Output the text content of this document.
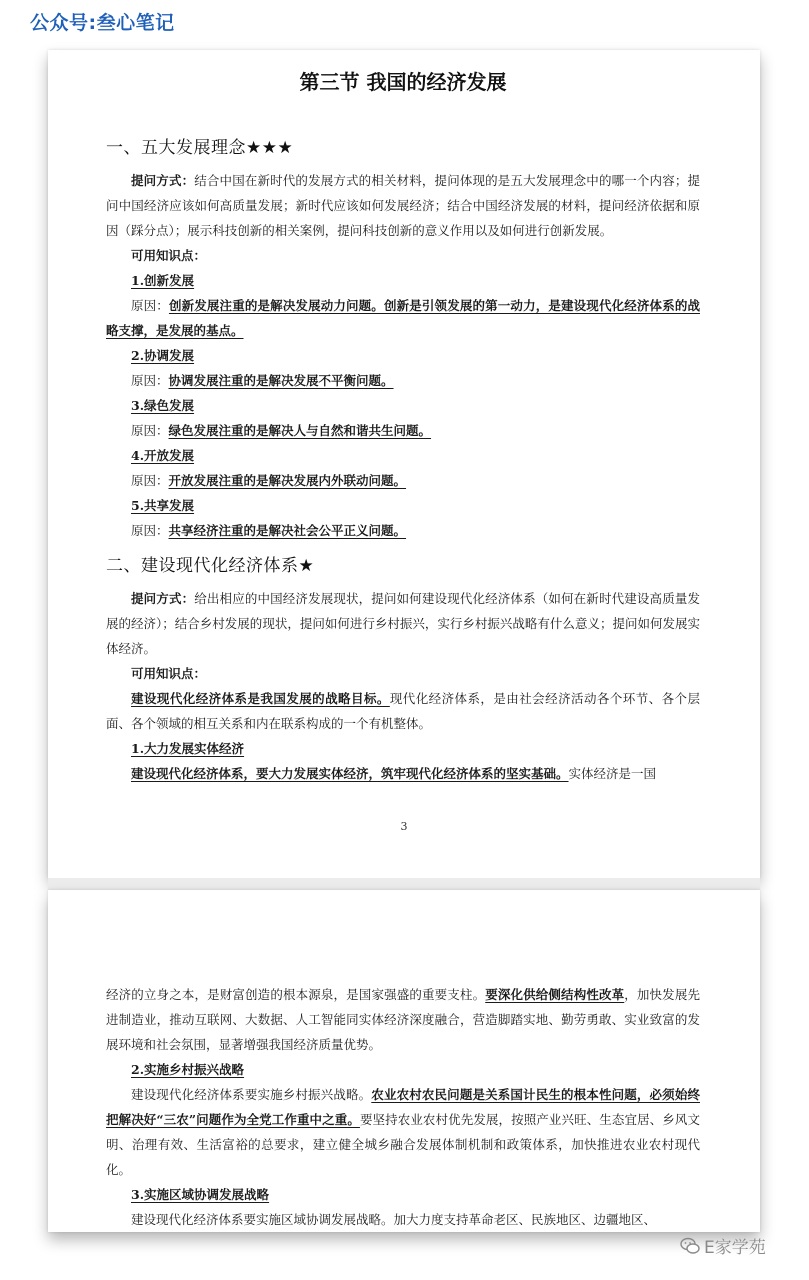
公众号:叁心笔记
第三节 我国的经济发展
一、五大发展理念★★★

提问方式：结合中国在新时代的发展方式的相关材料，提问体现的是五大发展理念中的哪一个内容；提问中国经济应该如何高质量发展；新时代应该如何发展经济；结合中国经济发展的材料，提问经济依据和原因（踩分点）；展示科技创新的相关案例，提问科技创新的意义作用以及如何进行创新发展。

可用知识点：

1.创新发展

原因：创新发展注重的是解决发展动力问题。创新是引领发展的第一动力，是建设现代化经济体系的战略支撑，是发展的基点。

2.协调发展

原因：协调发展注重的是解决发展不平衡问题。

3.绿色发展

原因：绿色发展注重的是解决人与自然和谐共生问题。

4.开放发展

原因：开放发展注重的是解决发展内外联动问题。

5.共享发展

原因：共享经济注重的是解决社会公平正义问题。

二、建设现代化经济体系★

提问方式：给出相应的中国经济发展现状，提问如何建设现代化经济体系（如何在新时代建设高质量发展的经济）；结合乡村发展的现状，提问如何进行乡村振兴，实行乡村振兴战略有什么意义；提问如何发展实体经济。

可用知识点：

建设现代化经济体系是我国发展的战略目标。现代化经济体系，是由社会经济活动各个环节、各个层面、各个领域的相互关系和内在联系构成的一个有机整体。

1.大力发展实体经济

建设现代化经济体系，要大力发展实体经济，筑牢现代化经济体系的坚实基础。实体经济是一国

3

经济的立身之本，是财富创造的根本源泉，是国家强盛的重要支柱。要深化供给侧结构性改革，加快发展先进制造业，推动互联网、大数据、人工智能同实体经济深度融合，营造脚踏实地、勤劳勇敢、实业致富的发展环境和社会氛围，显著增强我国经济质量优势。

2.实施乡村振兴战略

建设现代化经济体系要实施乡村振兴战略。农业农村农民问题是关系国计民生的根本性问题，必须始终把解决好“三农”问题作为全党工作重中之重。要坚持农业农村优先发展，按照产业兴旺、生态宜居、乡风文明、治理有效、生活富裕的总要求，建立健全城乡融合发展体制机制和政策体系，加快推进农业农村现代化。

3.实施区域协调发展战略

建设现代化经济体系要实施区域协调发展战略。加大力度支持革命老区、民族地区、边疆地区、

E家学苑
